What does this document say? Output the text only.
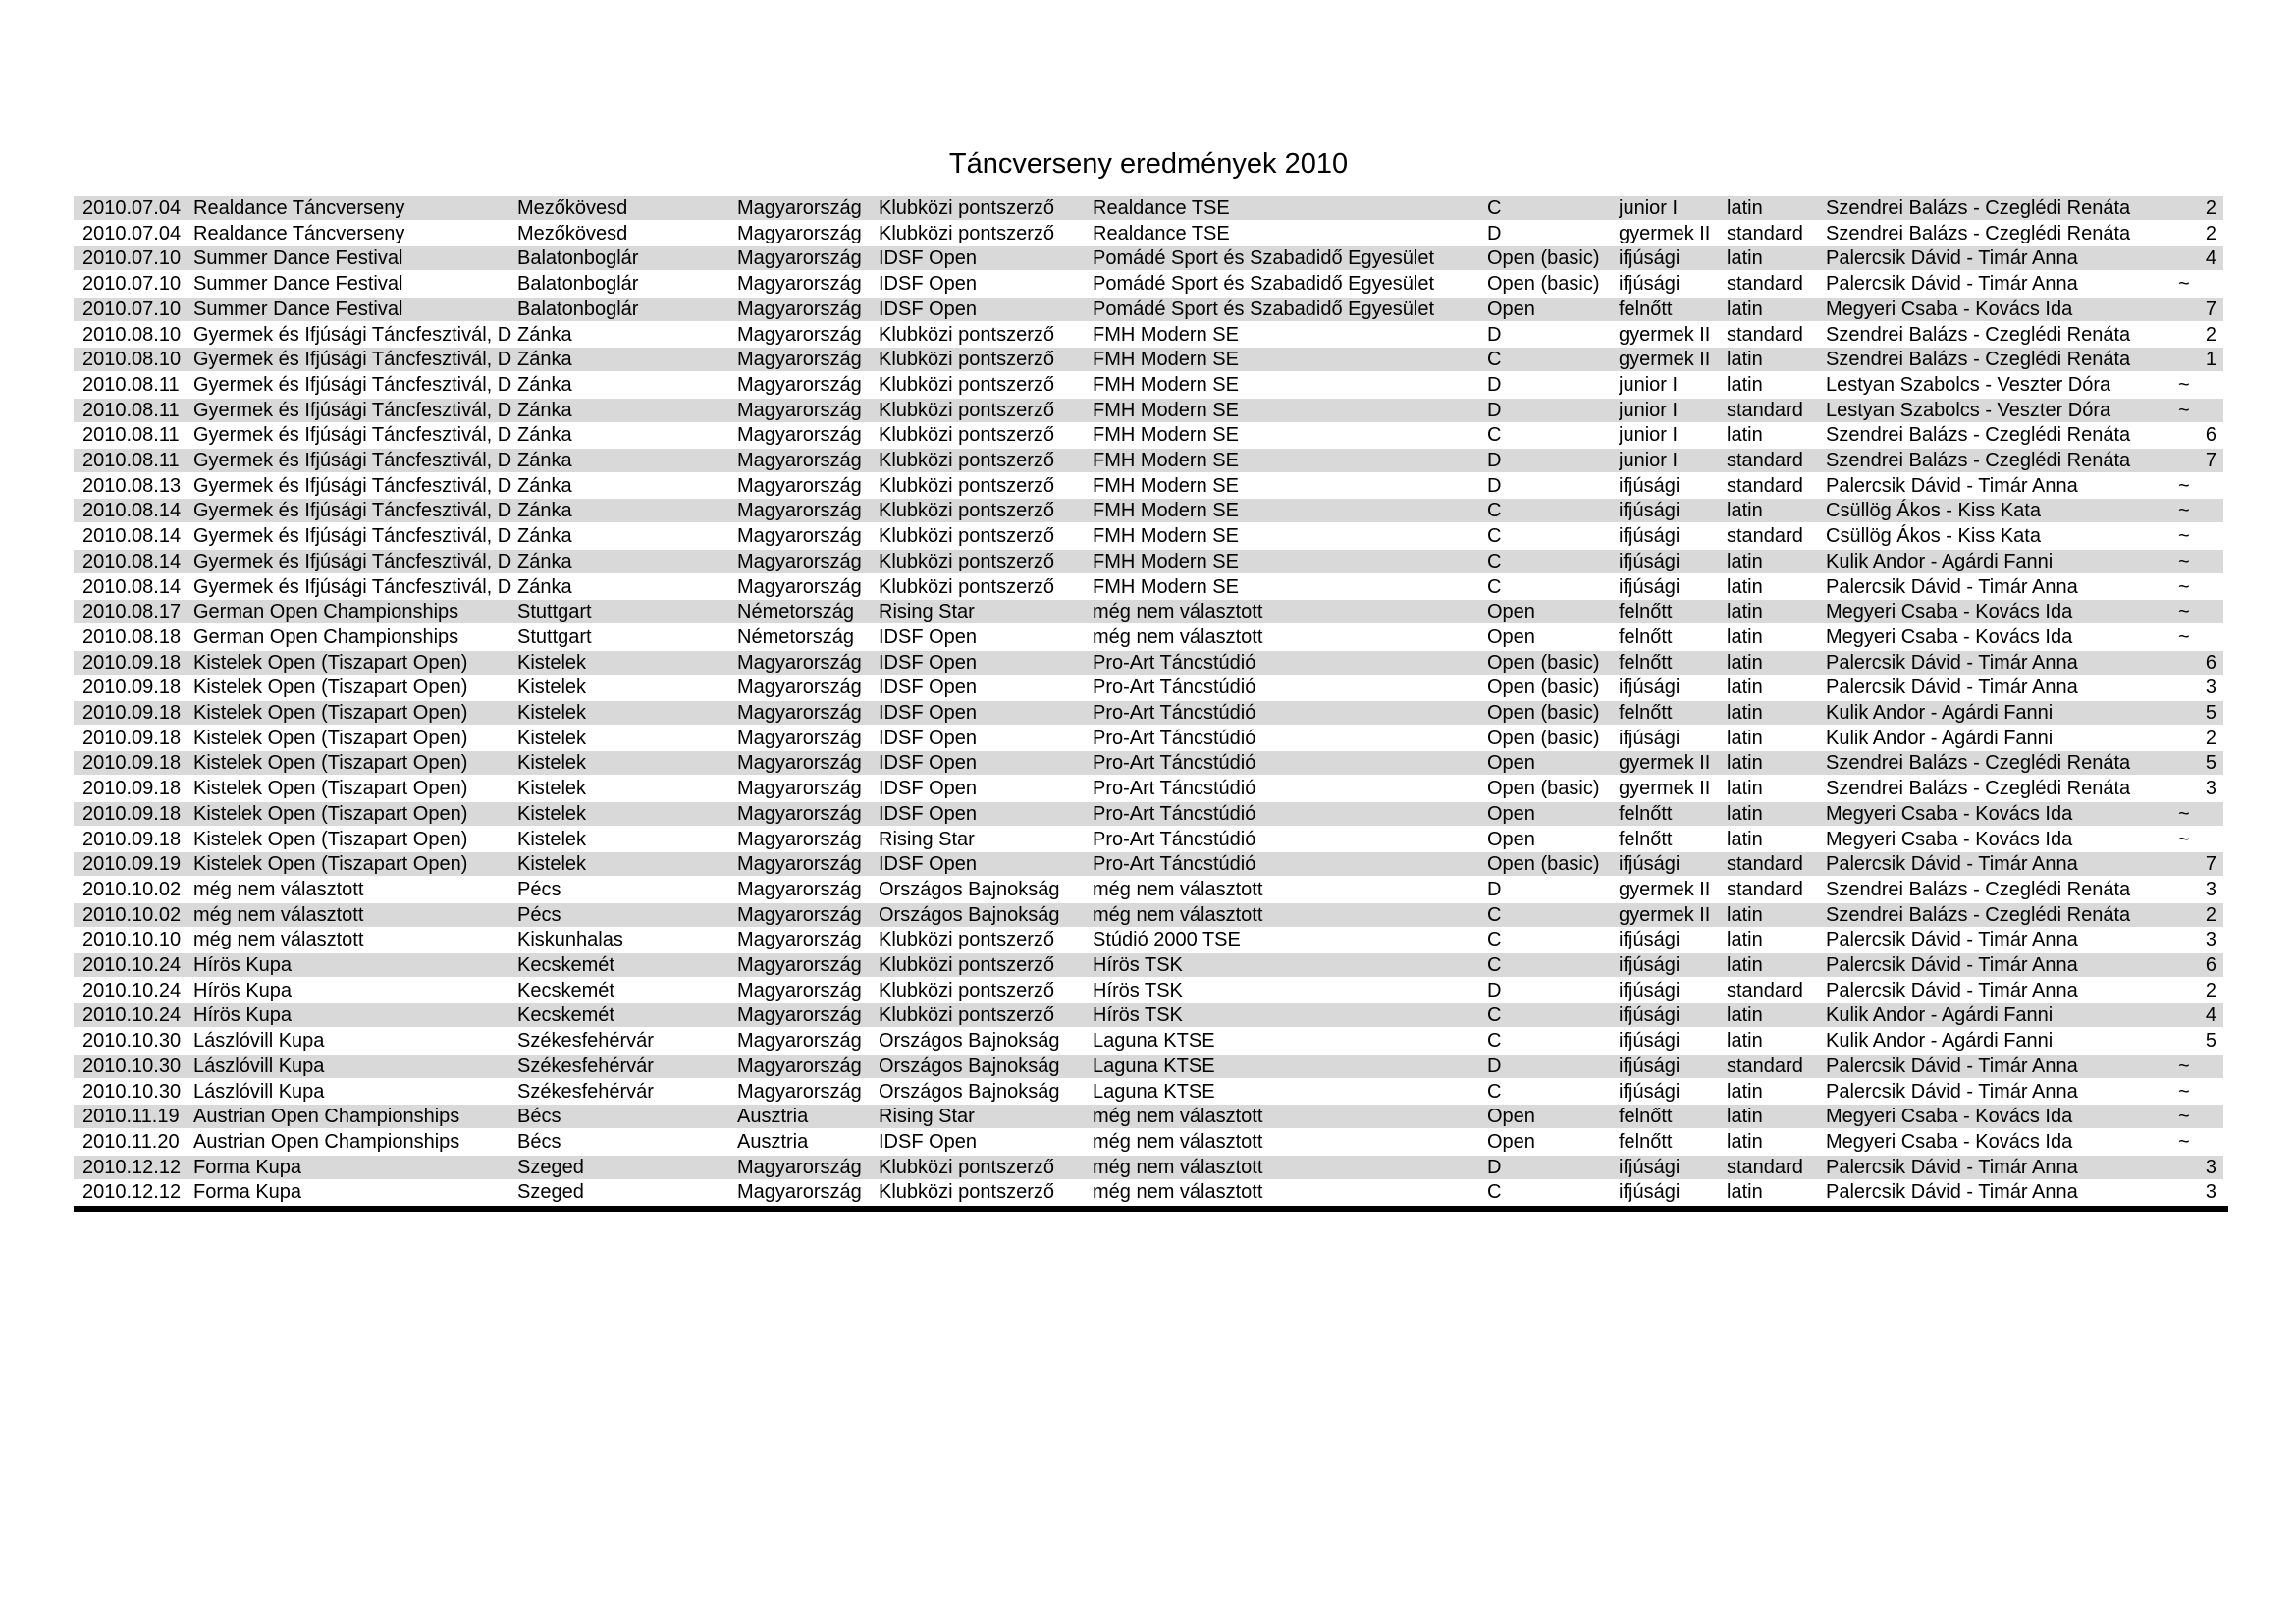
Táncverseny eredmények 2010
2010.07.04 Realdance Táncverseny	Mezőkövesd	Magyarország Klubközi pontszerző	Realdance TSE	C	junior I	latin	Szendrei Balázs - Czeglédi Renáta	2
2010.07.04 Realdance Táncverseny	Mezőkövesd	Magyarország Klubközi pontszerző	Realdance TSE	D	gyermek II standard	Szendrei Balázs - Czeglédi Renáta	2
2010.07.10 Summer Dance Festival	Balatonboglár	Magyarország IDSF Open	Pomádé Sport és Szabadidő Egyesület	Open (basic) ifjúsági	latin	Palercsik Dávid - Timár Anna	4
2010.07.10 Summer Dance Festival	Balatonboglár	Magyarország IDSF Open	Pomádé Sport és Szabadidő Egyesület	Open (basic) ifjúsági	standard	Palercsik Dávid - Timár Anna	~
2010.07.10 Summer Dance Festival	Balatonboglár	Magyarország IDSF Open	Pomádé Sport és Szabadidő Egyesület	Open	felnőtt	latin	Megyeri Csaba - Kovács Ida	7
2010.08.10 Gyermek és Ifjúsági Táncfesztivál, D Zánka	Magyarország Klubközi pontszerző	FMH Modern SE	D	gyermek II standard	Szendrei Balázs - Czeglédi Renáta	2
2010.08.10 Gyermek és Ifjúsági Táncfesztivál, D Zánka	Magyarország Klubközi pontszerző	FMH Modern SE	C	gyermek II latin	Szendrei Balázs - Czeglédi Renáta	1
2010.08.11 Gyermek és Ifjúsági Táncfesztivál, D Zánka	Magyarország Klubközi pontszerző	FMH Modern SE	D	junior I	latin	Lestyan Szabolcs - Veszter Dóra	~
2010.08.11 Gyermek és Ifjúsági Táncfesztivál, D Zánka	Magyarország Klubközi pontszerző	FMH Modern SE	D	junior I	standard	Lestyan Szabolcs - Veszter Dóra	~
2010.08.11 Gyermek és Ifjúsági Táncfesztivál, D Zánka	Magyarország Klubközi pontszerző	FMH Modern SE	C	junior I	latin	Szendrei Balázs - Czeglédi Renáta	6
2010.08.11 Gyermek és Ifjúsági Táncfesztivál, D Zánka	Magyarország Klubközi pontszerző	FMH Modern SE	D	junior I	standard	Szendrei Balázs - Czeglédi Renáta	7
2010.08.13 Gyermek és Ifjúsági Táncfesztivál, D Zánka	Magyarország Klubközi pontszerző	FMH Modern SE	D	ifjúsági	standard	Palercsik Dávid - Timár Anna	~
2010.08.14 Gyermek és Ifjúsági Táncfesztivál, D Zánka	Magyarország Klubközi pontszerző	FMH Modern SE	C	ifjúsági	latin	Csüllög Ákos - Kiss Kata	~
2010.08.14 Gyermek és Ifjúsági Táncfesztivál, D Zánka	Magyarország Klubközi pontszerző	FMH Modern SE	C	ifjúsági	standard	Csüllög Ákos - Kiss Kata	~
2010.08.14 Gyermek és Ifjúsági Táncfesztivál, D Zánka	Magyarország Klubközi pontszerző	FMH Modern SE	C	ifjúsági	latin	Kulik Andor - Agárdi Fanni	~
2010.08.14 Gyermek és Ifjúsági Táncfesztivál, D Zánka	Magyarország Klubközi pontszerző	FMH Modern SE	C	ifjúsági	latin	Palercsik Dávid - Timár Anna	~
2010.08.17 German Open Championships	Stuttgart	Németország	Rising Star	még nem választott	Open	felnőtt	latin	Megyeri Csaba - Kovács Ida	~
2010.08.18 German Open Championships	Stuttgart	Németország	IDSF Open	még nem választott	Open	felnőtt	latin	Megyeri Csaba - Kovács Ida	~
2010.09.18 Kistelek Open (Tiszapart Open)	Kistelek	Magyarország IDSF Open	Pro-Art Táncstúdió	Open (basic) felnőtt	latin	Palercsik Dávid - Timár Anna	6
2010.09.18 Kistelek Open (Tiszapart Open)	Kistelek	Magyarország IDSF Open	Pro-Art Táncstúdió	Open (basic) ifjúsági	latin	Palercsik Dávid - Timár Anna	3
2010.09.18 Kistelek Open (Tiszapart Open)	Kistelek	Magyarország IDSF Open	Pro-Art Táncstúdió	Open (basic) felnőtt	latin	Kulik Andor - Agárdi Fanni	5
2010.09.18 Kistelek Open (Tiszapart Open)	Kistelek	Magyarország IDSF Open	Pro-Art Táncstúdió	Open (basic) ifjúsági	latin	Kulik Andor - Agárdi Fanni	2
2010.09.18 Kistelek Open (Tiszapart Open)	Kistelek	Magyarország IDSF Open	Pro-Art Táncstúdió	Open	gyermek II latin	Szendrei Balázs - Czeglédi Renáta	5
2010.09.18 Kistelek Open (Tiszapart Open)	Kistelek	Magyarország IDSF Open	Pro-Art Táncstúdió	Open (basic) gyermek II latin	Szendrei Balázs - Czeglédi Renáta	3
2010.09.18 Kistelek Open (Tiszapart Open)	Kistelek	Magyarország IDSF Open	Pro-Art Táncstúdió	Open	felnőtt	latin	Megyeri Csaba - Kovács Ida	~
2010.09.18 Kistelek Open (Tiszapart Open)	Kistelek	Magyarország Rising Star	Pro-Art Táncstúdió	Open	felnőtt	latin	Megyeri Csaba - Kovács Ida	~
2010.09.19 Kistelek Open (Tiszapart Open)	Kistelek	Magyarország IDSF Open	Pro-Art Táncstúdió	Open (basic) ifjúsági	standard	Palercsik Dávid - Timár Anna	7
2010.10.02 még nem választott	Pécs	Magyarország Országos Bajnokság	még nem választott	D	gyermek II standard	Szendrei Balázs - Czeglédi Renáta	3
2010.10.02 még nem választott	Pécs	Magyarország Országos Bajnokság	még nem választott	C	gyermek II latin	Szendrei Balázs - Czeglédi Renáta	2
2010.10.10 még nem választott	Kiskunhalas	Magyarország Klubközi pontszerző	Stúdió 2000 TSE	C	ifjúsági	latin	Palercsik Dávid - Timár Anna	3
2010.10.24 Hírös Kupa	Kecskemét	Magyarország Klubközi pontszerző	Hírös TSK	C	ifjúsági	latin	Palercsik Dávid - Timár Anna	6
2010.10.24 Hírös Kupa	Kecskemét	Magyarország Klubközi pontszerző	Hírös TSK	D	ifjúsági	standard	Palercsik Dávid - Timár Anna	2
2010.10.24 Hírös Kupa	Kecskemét	Magyarország Klubközi pontszerző	Hírös TSK	C	ifjúsági	latin	Kulik Andor - Agárdi Fanni	4
2010.10.30 Lászlóvill Kupa	Székesfehérvár	Magyarország Országos Bajnokság	Laguna KTSE	C	ifjúsági	latin	Kulik Andor - Agárdi Fanni	5
2010.10.30 Lászlóvill Kupa	Székesfehérvár	Magyarország Országos Bajnokság	Laguna KTSE	D	ifjúsági	standard	Palercsik Dávid - Timár Anna	~
2010.10.30 Lászlóvill Kupa	Székesfehérvár	Magyarország Országos Bajnokság	Laguna KTSE	C	ifjúsági	latin	Palercsik Dávid - Timár Anna	~
2010.11.19 Austrian Open Championships	Bécs	Ausztria	Rising Star	még nem választott	Open	felnőtt	latin	Megyeri Csaba - Kovács Ida	~
2010.11.20 Austrian Open Championships	Bécs	Ausztria	IDSF Open	még nem választott	Open	felnőtt	latin	Megyeri Csaba - Kovács Ida	~
2010.12.12 Forma Kupa	Szeged	Magyarország Klubközi pontszerző	még nem választott	D	ifjúsági	standard	Palercsik Dávid - Timár Anna	3
2010.12.12 Forma Kupa	Szeged	Magyarország Klubközi pontszerző	még nem választott	C	ifjúsági	latin	Palercsik Dávid - Timár Anna	3
